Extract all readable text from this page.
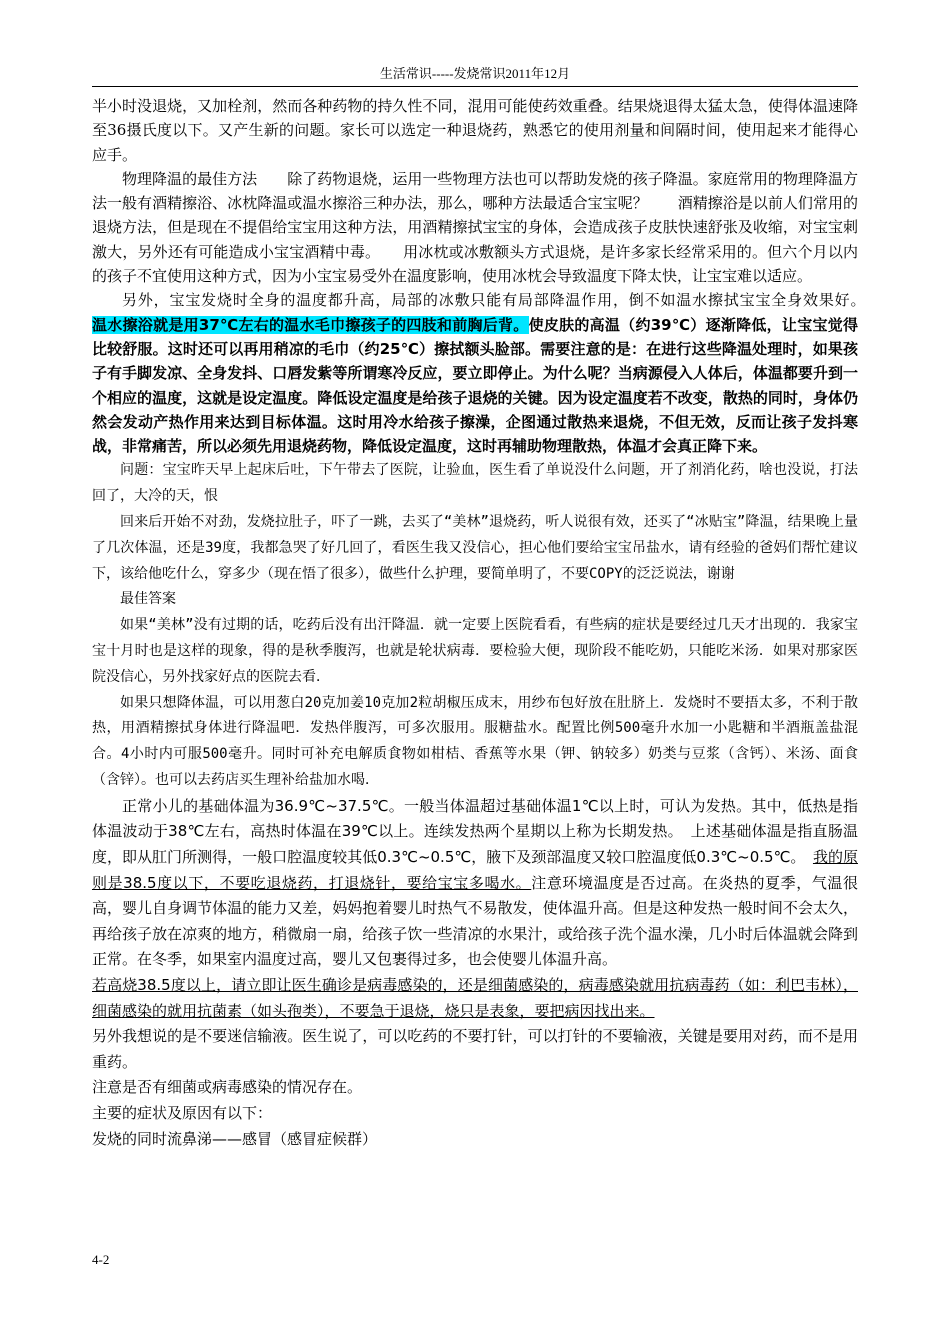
生活常识-----发烧常识2011年12月

半小时没退烧，又加栓剂，然而各种药物的持久性不同，混用可能使药效重叠。结果烧退得太猛太急，使得体温速降至36摄氏度以下。又产生新的问题。家长可以选定一种退烧药，熟悉它的使用剂量和间隔时间，使用起来才能得心应手。

物理降温的最佳方法　　除了药物退烧，运用一些物理方法也可以帮助发烧的孩子降温。家庭常用的物理降温方法一般有酒精擦浴、冰枕降温或温水擦浴三种办法，那么，哪种方法最适合宝宝呢？　　酒精擦浴是以前人们常用的退烧方法，但是现在不提倡给宝宝用这种方法，用酒精擦拭宝宝的身体，会造成孩子皮肤快速舒张及收缩，对宝宝刺激大，另外还有可能造成小宝宝酒精中毒。　　用冰枕或冰敷额头方式退烧，是许多家长经常采用的。但六个月以内的孩子不宜使用这种方式，因为小宝宝易受外在温度影响，使用冰枕会导致温度下降太快，让宝宝难以适应。

另外，宝宝发烧时全身的温度都升高，局部的冰敷只能有局部降温作用，倒不如温水擦拭宝宝全身效果好。　　温水擦浴就是用37℃左右的温水毛巾擦孩子的四肢和前胸后背。使皮肤的高温（约39℃）逐渐降低，让宝宝觉得比较舒服。这时还可以再用稍凉的毛巾（约25℃）擦拭额头脸部。需要注意的是：在进行这些降温处理时，如果孩子有手脚发凉、全身发抖、口唇发紫等所谓寒冷反应，要立即停止。为什么呢？当病源侵入人体后，体温都要升到一个相应的温度，这就是设定温度。降低设定温度是给孩子退烧的关键。因为设定温度若不改变，散热的同时，身体仍然会发动产热作用来达到目标体温。这时用冷水给孩子擦澡，企图通过散热来退烧，不但无效，反而让孩子发抖寒战，非常痛苦，所以必须先用退烧药物，降低设定温度，这时再辅助物理散热，体温才会真正降下来。

问题：宝宝昨天早上起床后吐，下午带去了医院，让验血，医生看了单说没什么问题，开了剂消化药，啥也没说，打法回了，大冷的天，恨

回来后开始不对劲，发烧拉肚子，吓了一跳，去买了“美林”退烧药，听人说很有效，还买了“冰贴宝”降温，结果晚上量了几次体温，还是39度，我都急哭了好几回了，看医生我又没信心，担心他们要给宝宝吊盐水，请有经验的爸妈们帮忙建议下，该给他吃什么，穿多少（现在悟了很多），做些什么护理，要简单明了，不要COPY的泛泛说法，谢谢

最佳答案

如果“美林”没有过期的话，吃药后没有出汗降温．就一定要上医院看看，有些病的症状是要经过几天才出现的．我家宝宝十月时也是这样的现象，得的是秋季腹泻，也就是轮状病毒．要检验大便，现阶段不能吃奶，只能吃米汤．如果对那家医院没信心，另外找家好点的医院去看．

如果只想降体温，可以用葱白20克加姜10克加2粒胡椒压成末，用纱布包好放在肚脐上．发烧时不要捂太多，不利于散热，用酒精擦拭身体进行降温吧．发热伴腹泻，可多次服用。服糖盐水。配置比例500毫升水加一小匙糖和半酒瓶盖盐混合。4小时内可服500毫升。同时可补充电解质食物如柑桔、香蕉等水果（钾、钠较多）奶类与豆浆（含钙）、米汤、面食（含锌）。也可以去药店买生理补给盐加水喝．

正常小儿的基础体温为36.9℃~37.5℃。一般当体温超过基础体温1℃以上时，可认为发热。其中，低热是指体温波动于38℃左右，高热时体温在39℃以上。连续发热两个星期以上称为长期发热。　上述基础体温是指直肠温度，即从肛门所测得，一般口腔温度较其低0.3℃~0.5℃，腋下及颈部温度又较口腔温度低0.3℃~0.5℃。　我的原则是38.5度以下，不要吃退烧药，打退烧针，要给宝宝多喝水。注意环境温度是否过高。在炎热的夏季，气温很高，婴儿自身调节体温的能力又差，妈妈抱着婴儿时热气不易散发，使体温升高。但是这种发热一般时间不会太久，再给孩子放在凉爽的地方，稍微扇一扇，给孩子饮一些清凉的水果汁，或给孩子洗个温水澡，几小时后体温就会降到正常。在冬季，如果室内温度过高，婴儿又包裹得过多，也会使婴儿体温升高。

若高烧38.5度以上，请立即让医生确诊是病毒感染的，还是细菌感染的，病毒感染就用抗病毒药（如：利巴韦林），细菌感染的就用抗菌素（如头孢类），不要急于退烧，烧只是表象，要把病因找出来。

另外我想说的是不要迷信输液。医生说了，可以吃药的不要打针，可以打针的不要输液，关键是要用对药，而不是用重药。

注意是否有细菌或病毒感染的情况存在。

主要的症状及原因有以下：

发烧的同时流鼻涕——感冒（感冒症候群）

4-2
